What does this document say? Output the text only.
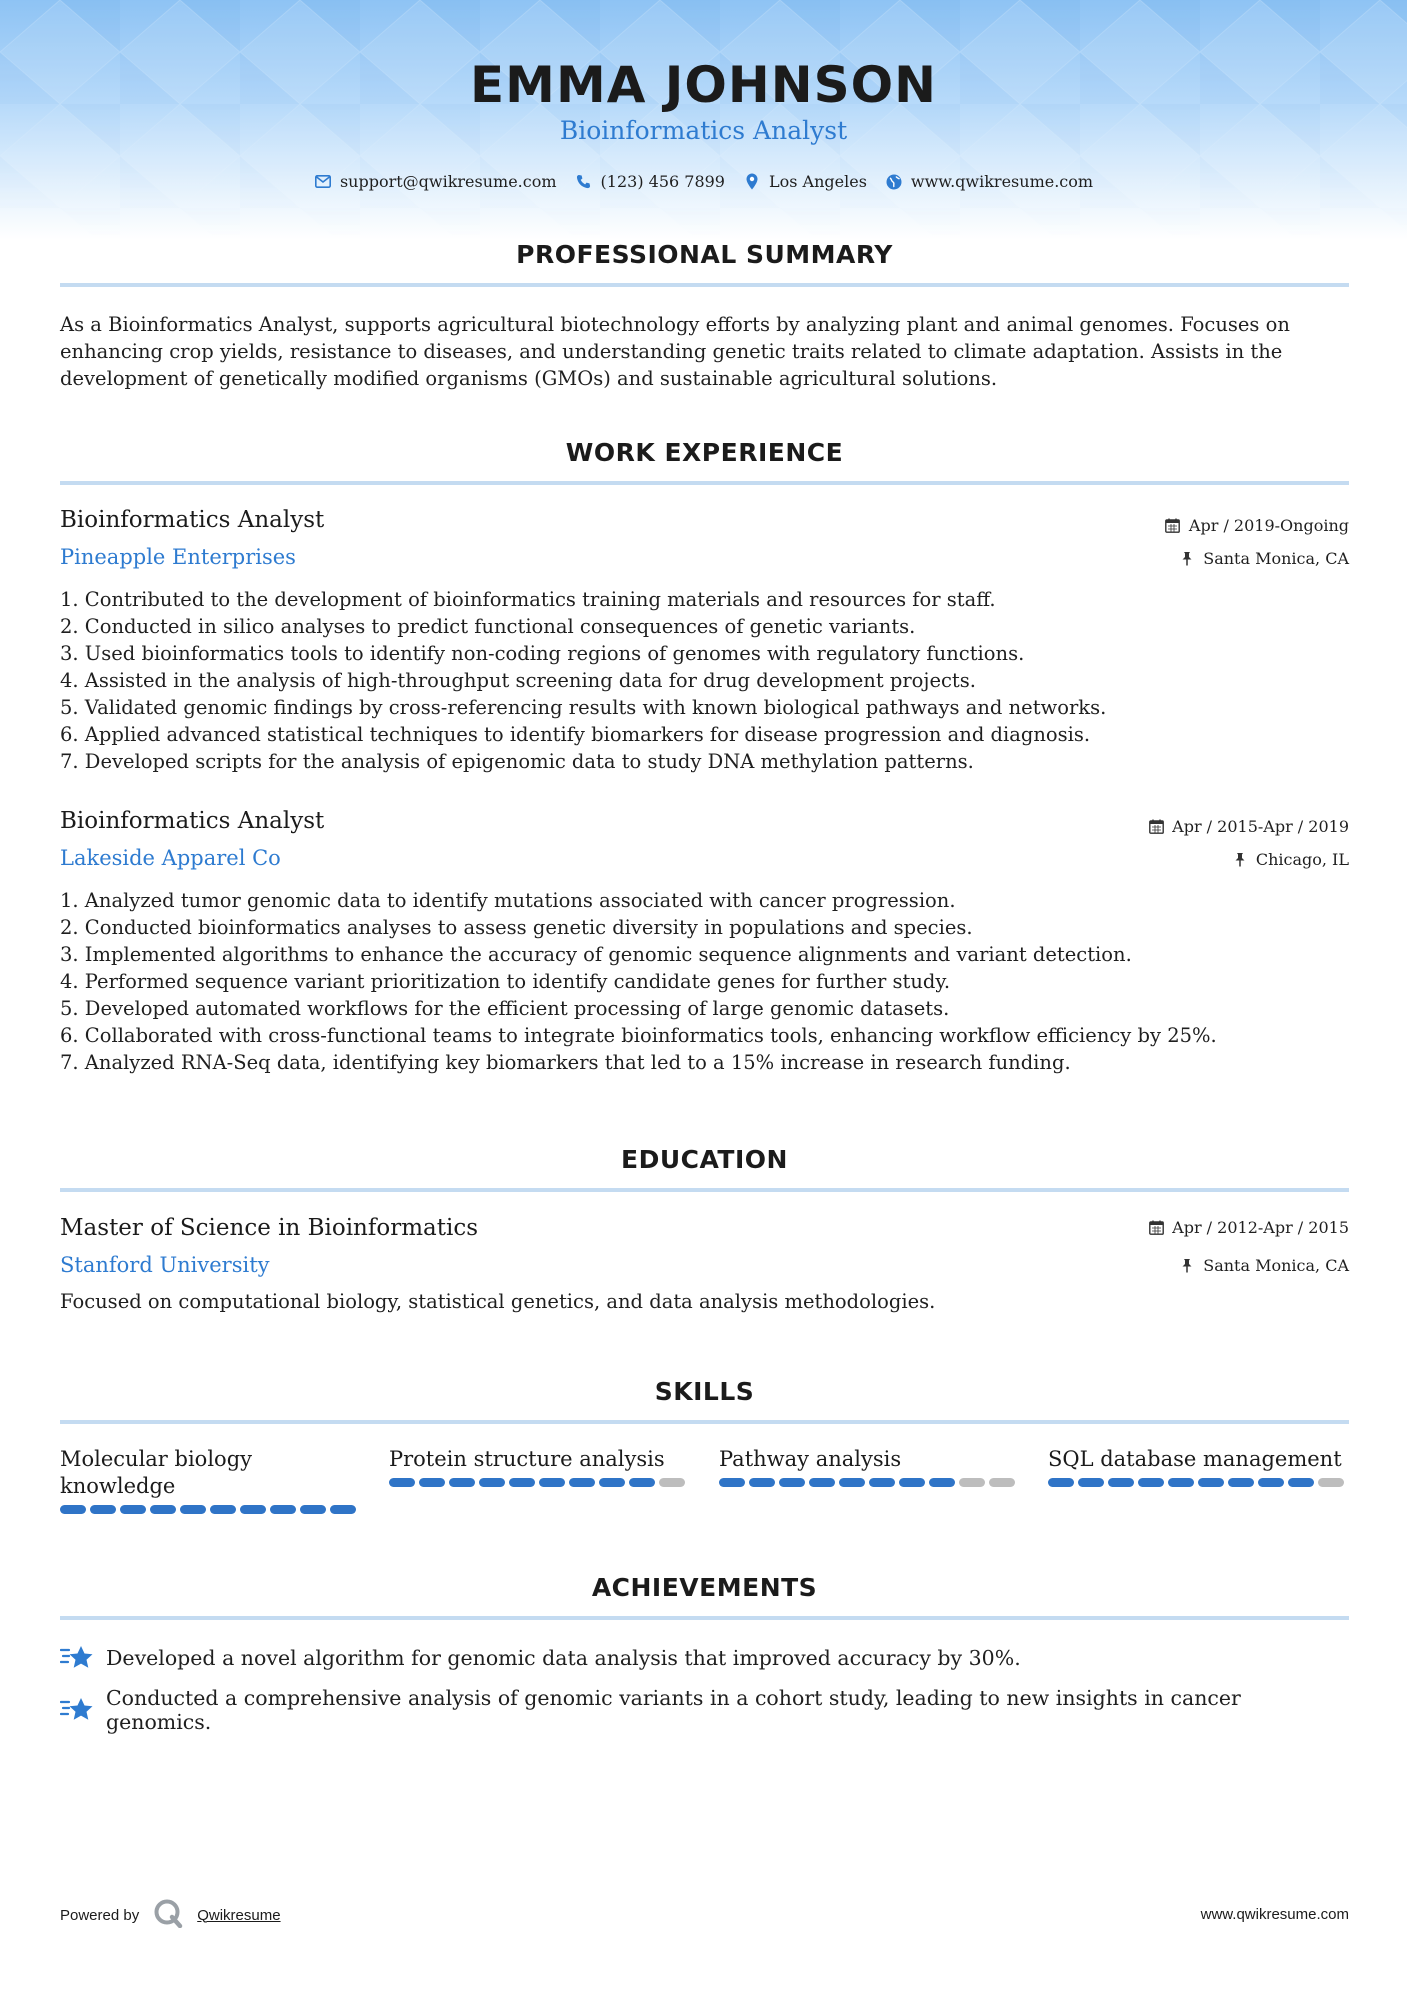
EMMA JOHNSON
Bioinformatics Analyst
support@qwikresume.com	(123) 456 7899	Los Angeles	www.qwikresume.com
PROFESSIONAL SUMMARY
As a Bioinformatics Analyst, supports agricultural biotechnology efforts by analyzing plant and animal genomes. Focuses on
enhancing crop yields, resistance to diseases, and understanding genetic traits related to climate adaptation. Assists in the
development of genetically modified organisms (GMOs) and sustainable agricultural solutions.
WORK EXPERIENCE
Bioinformatics Analyst	Apr / 2019-Ongoing
Pineapple Enterprises	Santa Monica, CA
1. Contributed to the development of bioinformatics training materials and resources for staff.
2. Conducted in silico analyses to predict functional consequences of genetic variants.
3. Used bioinformatics tools to identify non-coding regions of genomes with regulatory functions.
4. Assisted in the analysis of high-throughput screening data for drug development projects.
5. Validated genomic findings by cross-referencing results with known biological pathways and networks.
6. Applied advanced statistical techniques to identify biomarkers for disease progression and diagnosis.
7. Developed scripts for the analysis of epigenomic data to study DNA methylation patterns.
Bioinformatics Analyst	Apr / 2015-Apr / 2019
Lakeside Apparel Co	Chicago, IL
1. Analyzed tumor genomic data to identify mutations associated with cancer progression.
2. Conducted bioinformatics analyses to assess genetic diversity in populations and species.
3. Implemented algorithms to enhance the accuracy of genomic sequence alignments and variant detection.
4. Performed sequence variant prioritization to identify candidate genes for further study.
5. Developed automated workflows for the efficient processing of large genomic datasets.
6. Collaborated with cross-functional teams to integrate bioinformatics tools, enhancing workflow efficiency by 25%.
7. Analyzed RNA-Seq data, identifying key biomarkers that led to a 15% increase in research funding.
EDUCATION
Master of Science in Bioinformatics	Apr / 2012-Apr / 2015
Stanford University	Santa Monica, CA
Focused on computational biology, statistical genetics, and data analysis methodologies.
SKILLS
Molecular biology knowledge
Protein structure analysis	Pathway analysis	SQL database management
ACHIEVEMENTS
Developed a novel algorithm for genomic data analysis that improved accuracy by 30%.
Conducted a comprehensive analysis of genomic variants in a cohort study, leading to new insights in cancer genomics.
Powered by	Qwikresume	www.qwikresume.com
